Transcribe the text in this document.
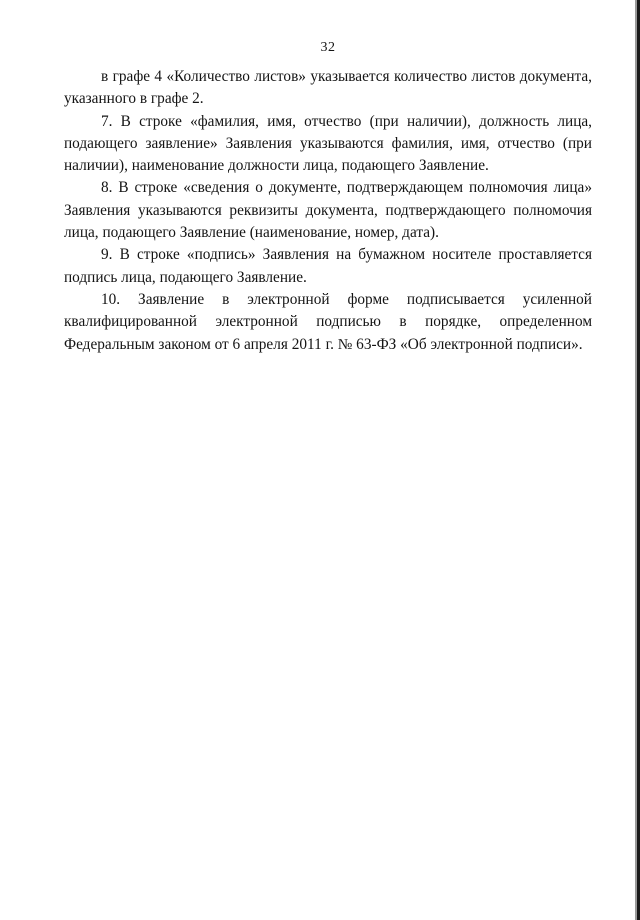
32

в графе 4 «Количество листов» указывается количество листов документа, указанного в графе 2.

7. В строке «фамилия, имя, отчество (при наличии), должность лица, подающего заявление» Заявления указываются фамилия, имя, отчество (при наличии), наименование должности лица, подающего Заявление.

8. В строке «сведения о документе, подтверждающем полномочия лица» Заявления указываются реквизиты документа, подтверждающего полномочия лица, подающего Заявление (наименование, номер, дата).

9. В строке «подпись» Заявления на бумажном носителе проставляется подпись лица, подающего Заявление.

10. Заявление в электронной форме подписывается усиленной квалифицированной электронной подписью в порядке, определенном Федеральным законом от 6 апреля 2011 г. № 63-ФЗ «Об электронной подписи».
